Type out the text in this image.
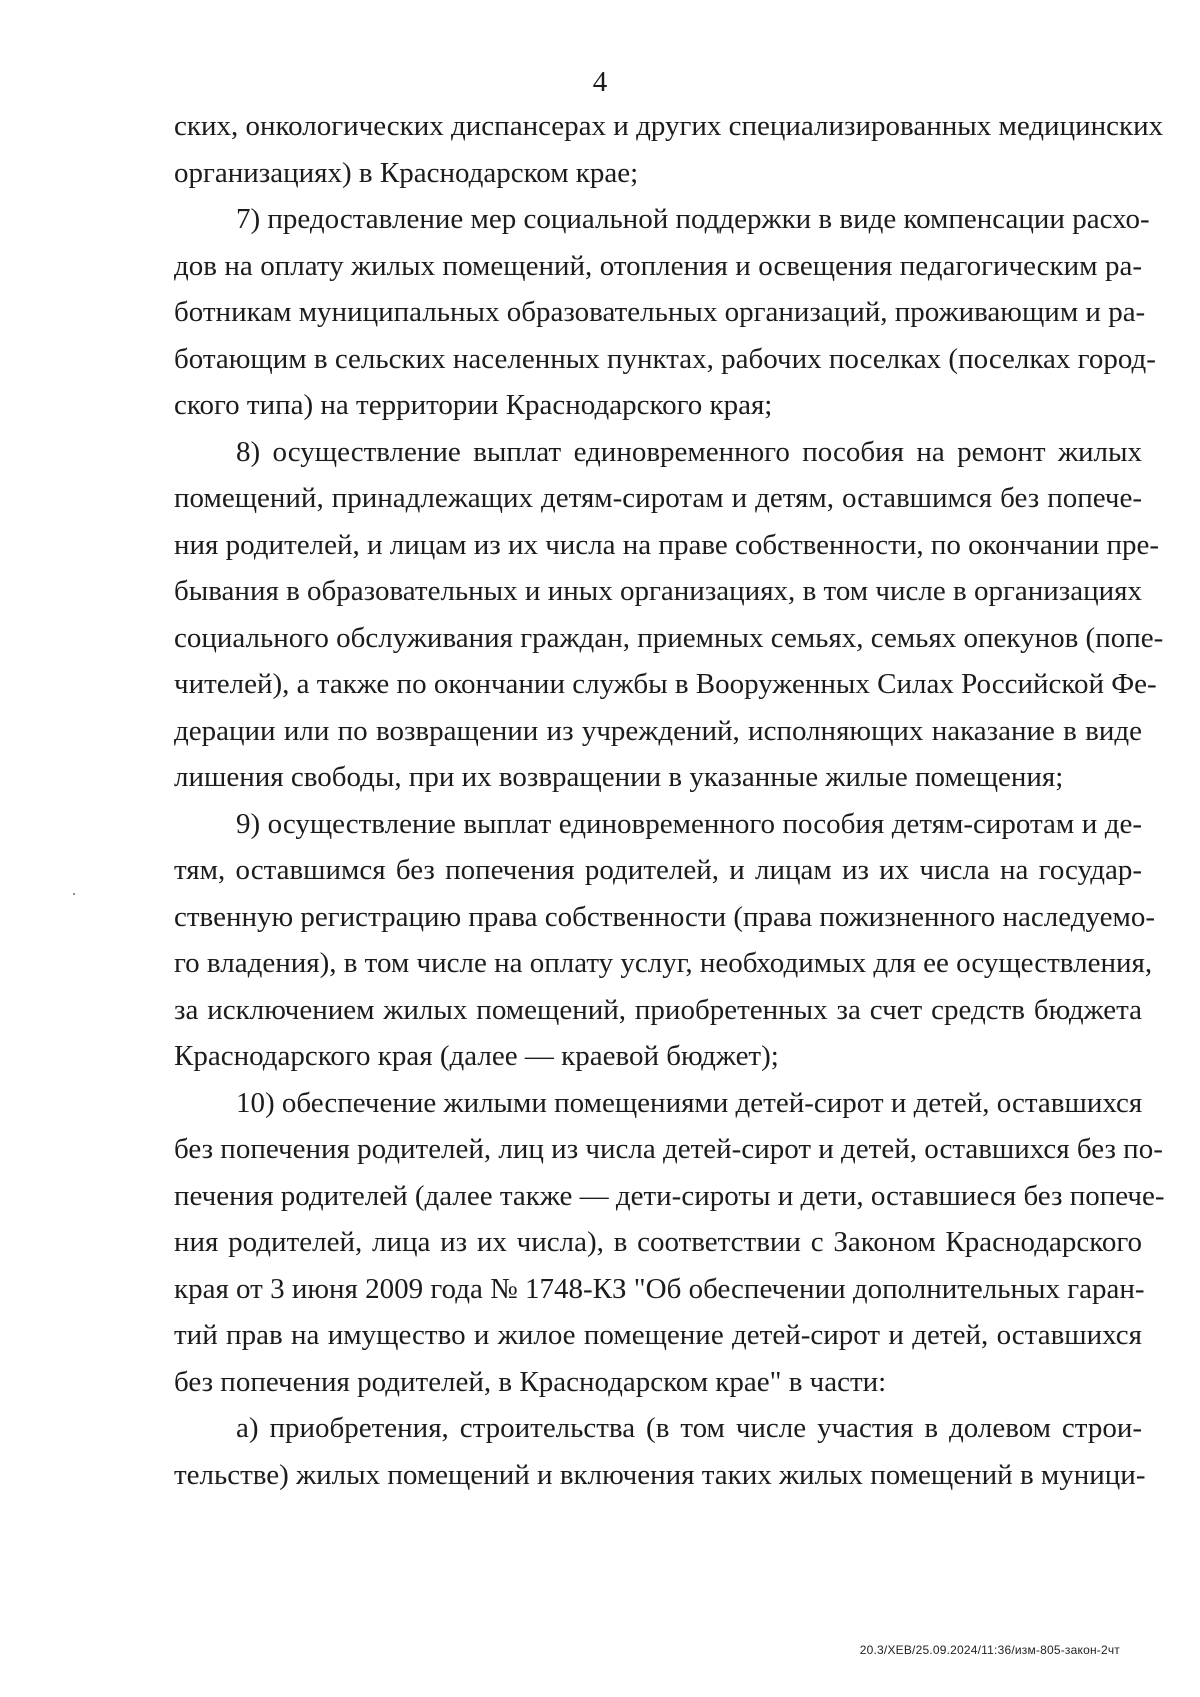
4

ских, онкологических диспансерах и других специализированных медицинских
организациях) в Краснодарском крае;

7) предоставление мер социальной поддержки в виде компенсации расхо-
дов на оплату жилых помещений, отопления и освещения педагогическим ра-
ботникам муниципальных образовательных организаций, проживающим и ра-
ботающим в сельских населенных пунктах, рабочих поселках (поселках город-
ского типа) на территории Краснодарского края;

8) осуществление выплат единовременного пособия на ремонт жилых
помещений, принадлежащих детям-сиротам и детям, оставшимся без попече-
ния родителей, и лицам из их числа на праве собственности, по окончании пре-
бывания в образовательных и иных организациях, в том числе в организациях
социального обслуживания граждан, приемных семьях, семьях опекунов (попе-
чителей), а также по окончании службы в Вооруженных Силах Российской Фе-
дерации или по возвращении из учреждений, исполняющих наказание в виде
лишения свободы, при их возвращении в указанные жилые помещения;

9) осуществление выплат единовременного пособия детям-сиротам и де-
тям, оставшимся без попечения родителей, и лицам из их числа на государ-
ственную регистрацию права собственности (права пожизненного наследуемо-
го владения), в том числе на оплату услуг, необходимых для ее осуществления,
за исключением жилых помещений, приобретенных за счет средств бюджета
Краснодарского края (далее — краевой бюджет);

10) обеспечение жилыми помещениями детей-сирот и детей, оставшихся
без попечения родителей, лиц из числа детей-сирот и детей, оставшихся без по-
печения родителей (далее также — дети-сироты и дети, оставшиеся без попече-
ния родителей, лица из их числа), в соответствии с Законом Краснодарского
края от 3 июня 2009 года № 1748-КЗ "Об обеспечении дополнительных гаран-
тий прав на имущество и жилое помещение детей-сирот и детей, оставшихся
без попечения родителей, в Краснодарском крае" в части:

а) приобретения, строительства (в том числе участия в долевом строи-
тельстве) жилых помещений и включения таких жилых помещений в муници-

20.3/ХЕВ/25.09.2024/11:36/изм-805-закон-2чт
